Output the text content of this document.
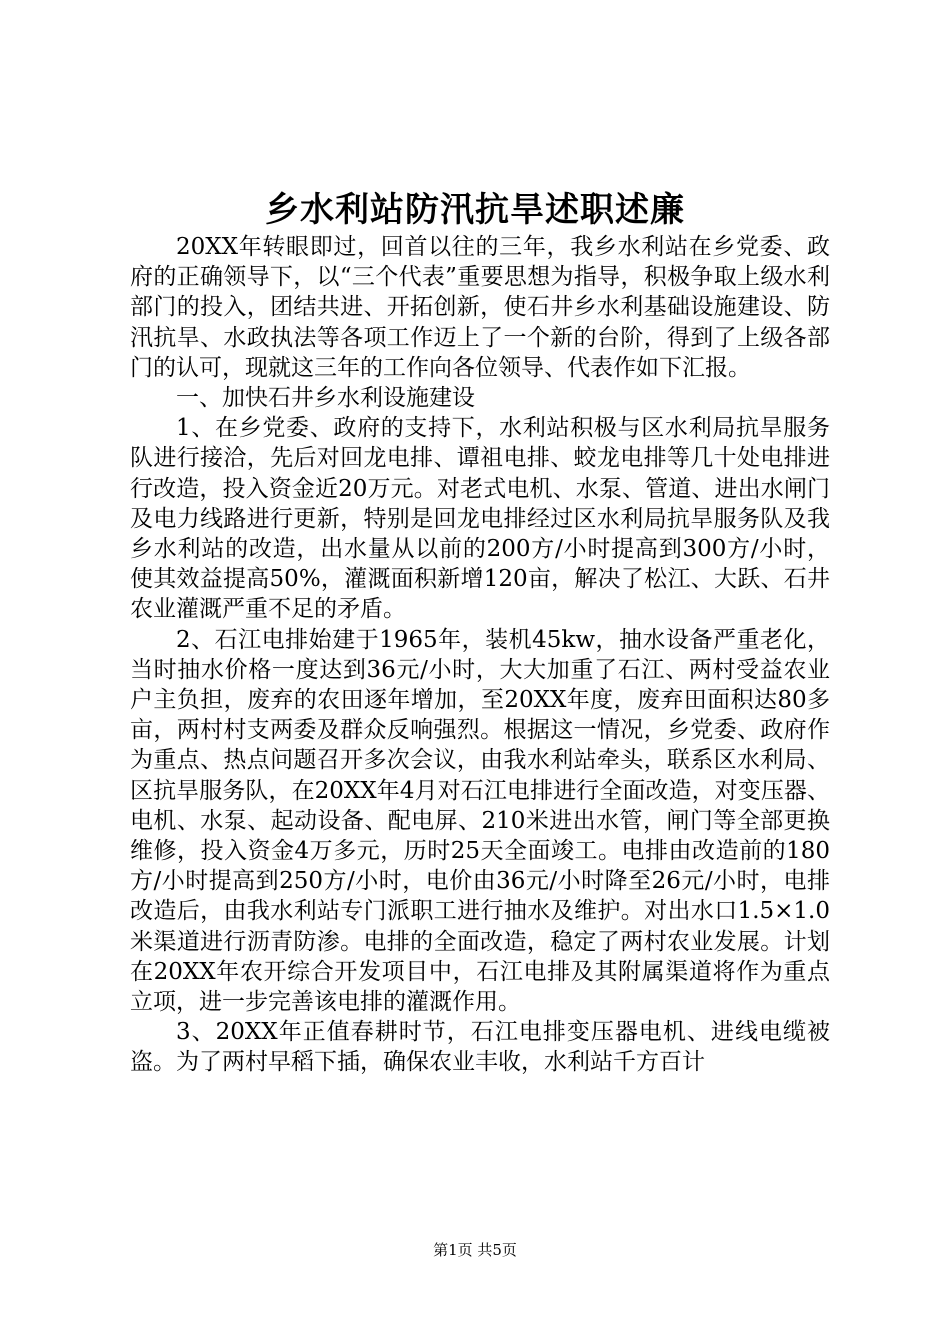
乡水利站防汛抗旱述职述廉

20XX年转眼即过，回首以往的三年，我乡水利站在乡党委、政府的正确领导下，以“三个代表”重要思想为指导，积极争取上级水利部门的投入，团结共进、开拓创新，使石井乡水利基础设施建设、防汛抗旱、水政执法等各项工作迈上了一个新的台阶，得到了上级各部门的认可，现就这三年的工作向各位领导、代表作如下汇报。

一、加快石井乡水利设施建设

1、在乡党委、政府的支持下，水利站积极与区水利局抗旱服务队进行接洽，先后对回龙电排、谭祖电排、蛟龙电排等几十处电排进行改造，投入资金近20万元。对老式电机、水泵、管道、进出水闸门及电力线路进行更新，特别是回龙电排经过区水利局抗旱服务队及我乡水利站的改造，出水量从以前的200方/小时提高到300方/小时，使其效益提高50%，灌溉面积新增120亩，解决了松江、大跃、石井农业灌溉严重不足的矛盾。

2、石江电排始建于1965年，装机45kw，抽水设备严重老化，当时抽水价格一度达到36元/小时，大大加重了石江、两村受益农业户主负担，废弃的农田逐年增加，至20XX年度，废弃田面积达80多亩，两村村支两委及群众反响强烈。根据这一情况，乡党委、政府作为重点、热点问题召开多次会议，由我水利站牵头，联系区水利局、区抗旱服务队，在20XX年4月对石江电排进行全面改造，对变压器、电机、水泵、起动设备、配电屏、210米进出水管，闸门等全部更换维修，投入资金4万多元，历时25天全面竣工。电排由改造前的180方/小时提高到250方/小时，电价由36元/小时降至26元/小时，电排改造后，由我水利站专门派职工进行抽水及维护。对出水口1.5×1.0米渠道进行沥青防渗。电排的全面改造，稳定了两村农业发展。计划在20XX年农开综合开发项目中，石江电排及其附属渠道将作为重点立项，进一步完善该电排的灌溉作用。

3、20XX年正值春耕时节，石江电排变压器电机、进线电缆被盗。为了两村早稻下插，确保农业丰收，水利站千方百计

第1页 共5页
